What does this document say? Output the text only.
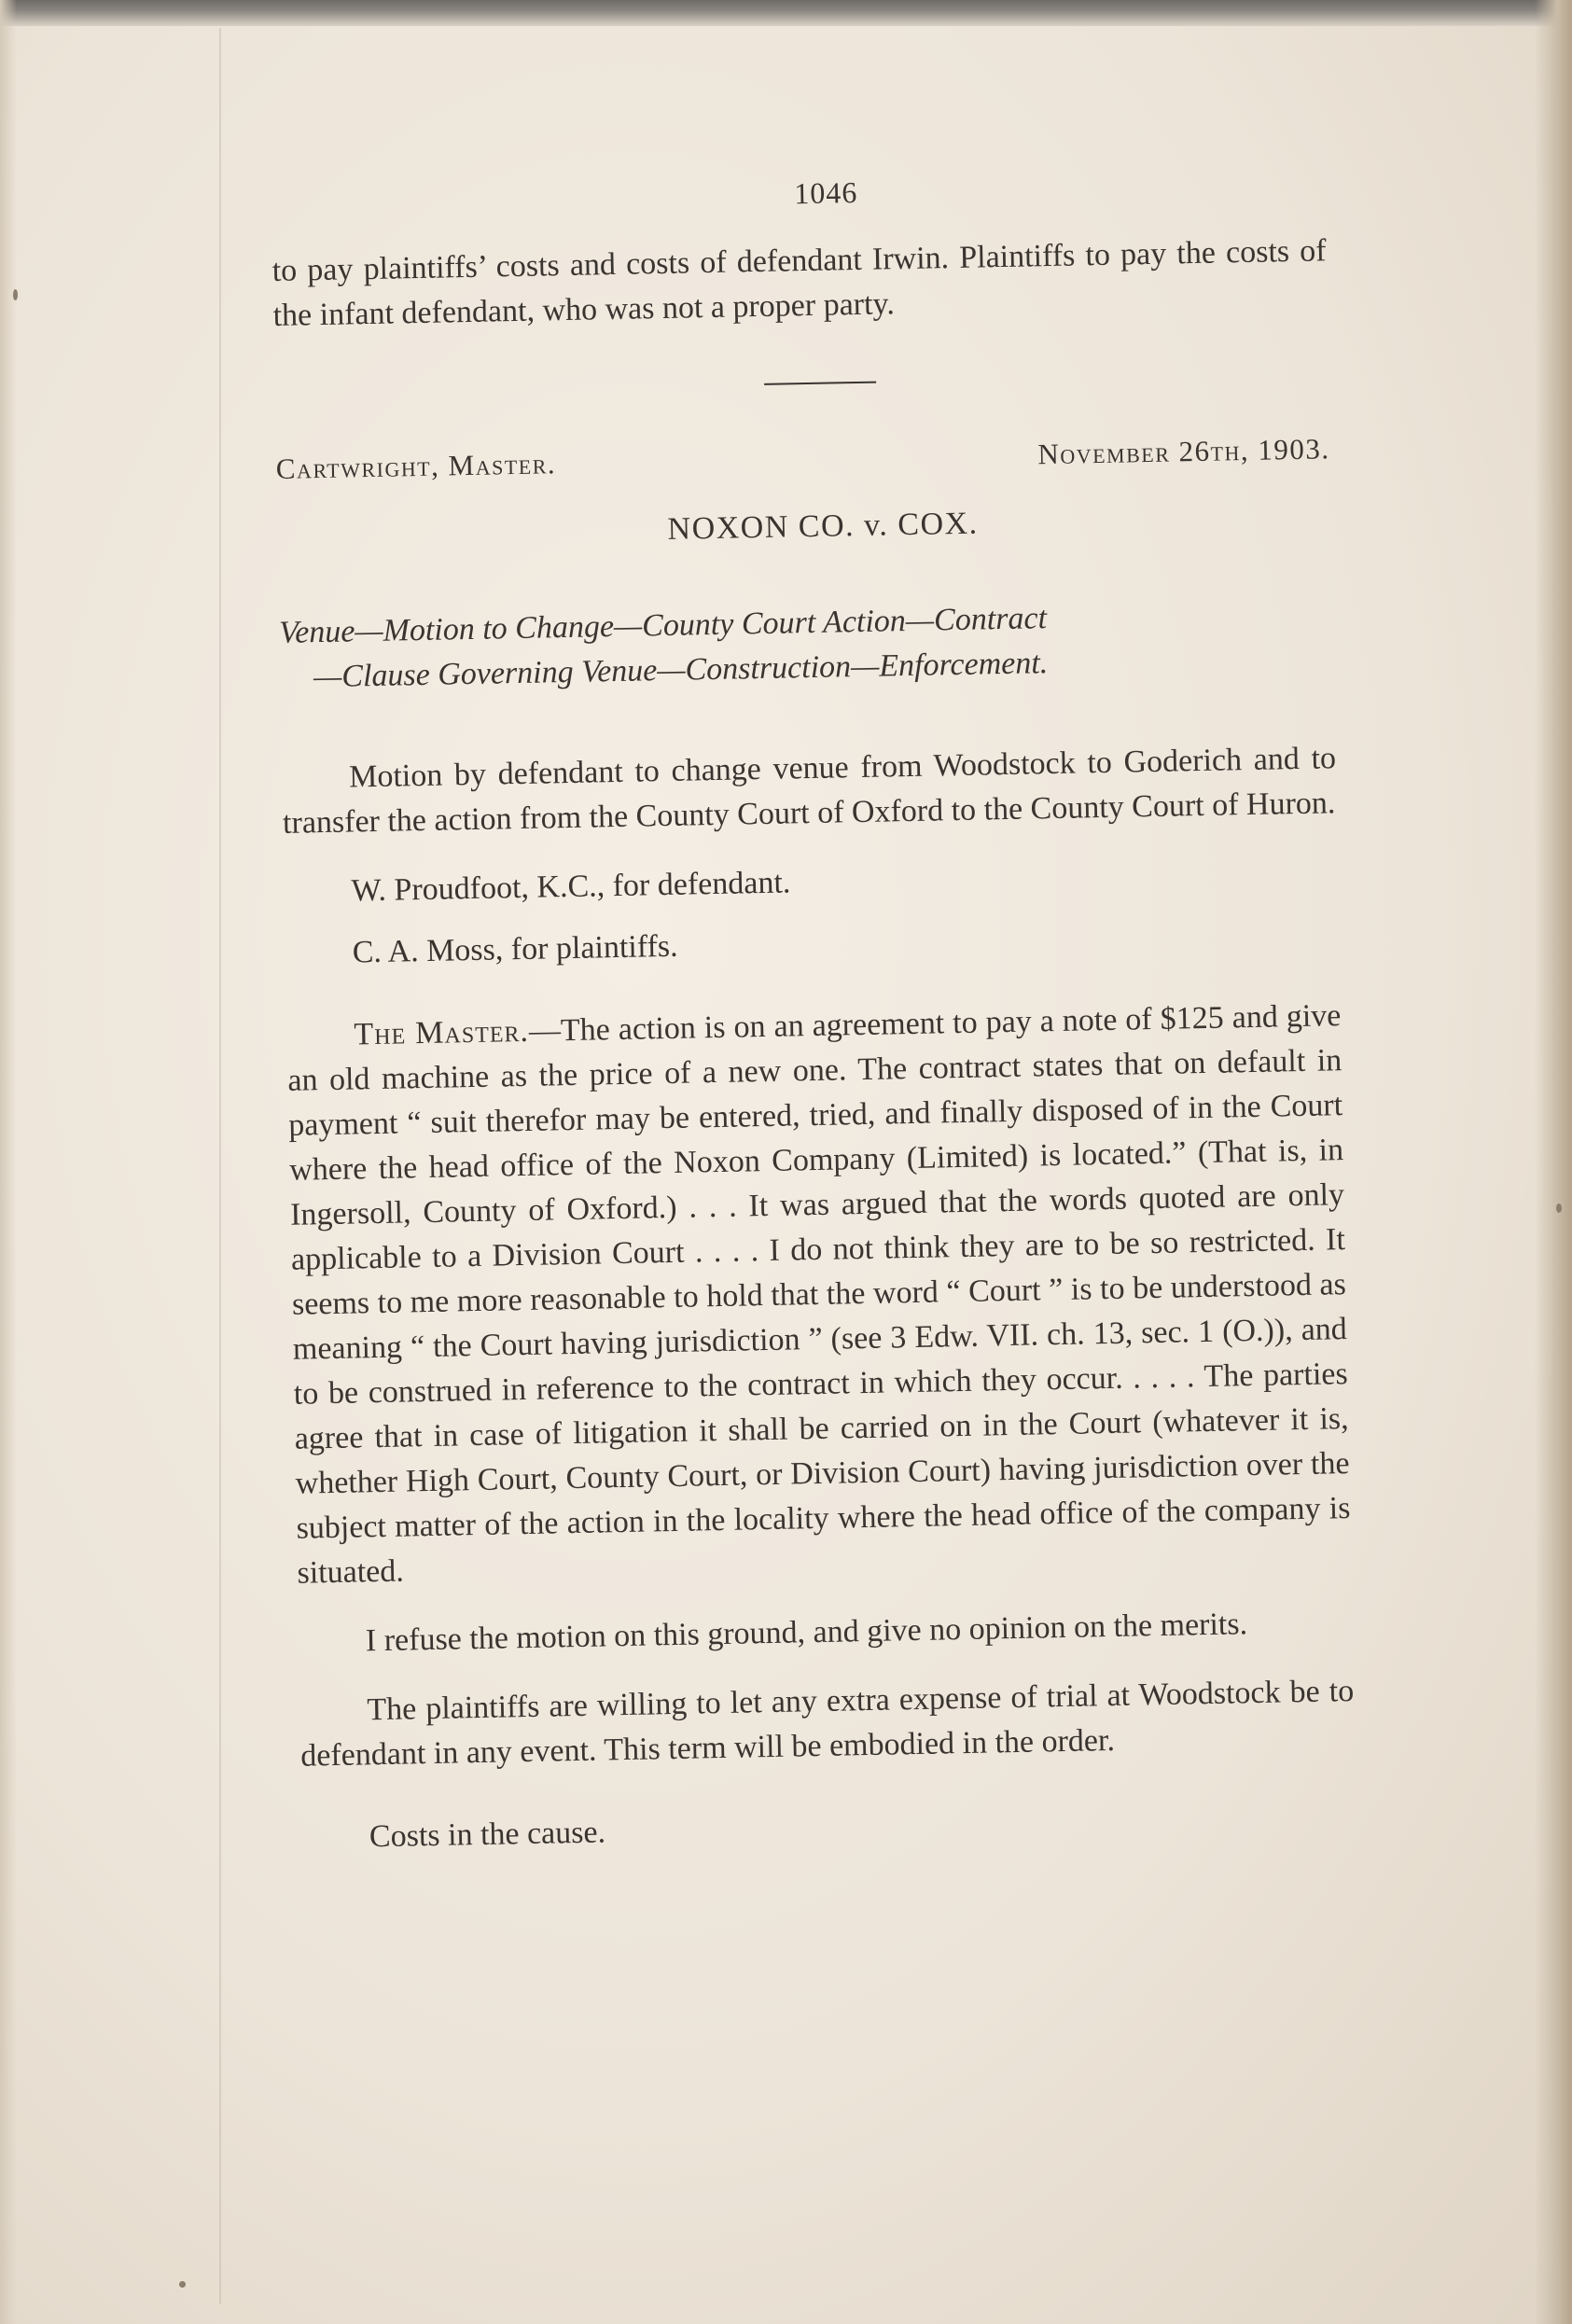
1046

to pay plaintiffs’ costs and costs of defendant Irwin. Plaintiffs to pay the costs of the infant defendant, who was not a proper party.

Cartwright, Master.	November 26th, 1903.
NOXON CO. v. COX.
Venue—Motion to Change—County Court Action—Contract
—Clause Governing Venue—Construction—Enforcement.

Motion by defendant to change venue from Woodstock to Goderich and to transfer the action from the County Court of Oxford to the County Court of Huron.

W. Proudfoot, K.C., for defendant.
C. A. Moss, for plaintiffs.

The Master.—The action is on an agreement to pay a note of $125 and give an old machine as the price of a new one. The contract states that on default in payment “ suit therefor may be entered, tried, and finally disposed of in the Court where the head office of the Noxon Company (Limited) is located.” (That is, in Ingersoll, County of Oxford.) . . . It was argued that the words quoted are only applicable to a Division Court . . . . I do not think they are to be so restricted. It seems to me more reasonable to hold that the word “ Court ” is to be understood as meaning “ the Court having jurisdiction ” (see 3 Edw. VII. ch. 13, sec. 1 (O.)), and to be construed in reference to the contract in which they occur. . . . . The parties agree that in case of litigation it shall be carried on in the Court (whatever it is, whether High Court, County Court, or Division Court) having jurisdiction over the subject matter of the action in the locality where the head office of the company is situated.

I refuse the motion on this ground, and give no opinion on the merits.

The plaintiffs are willing to let any extra expense of trial at Woodstock be to defendant in any event. This term will be embodied in the order.

Costs in the cause.
